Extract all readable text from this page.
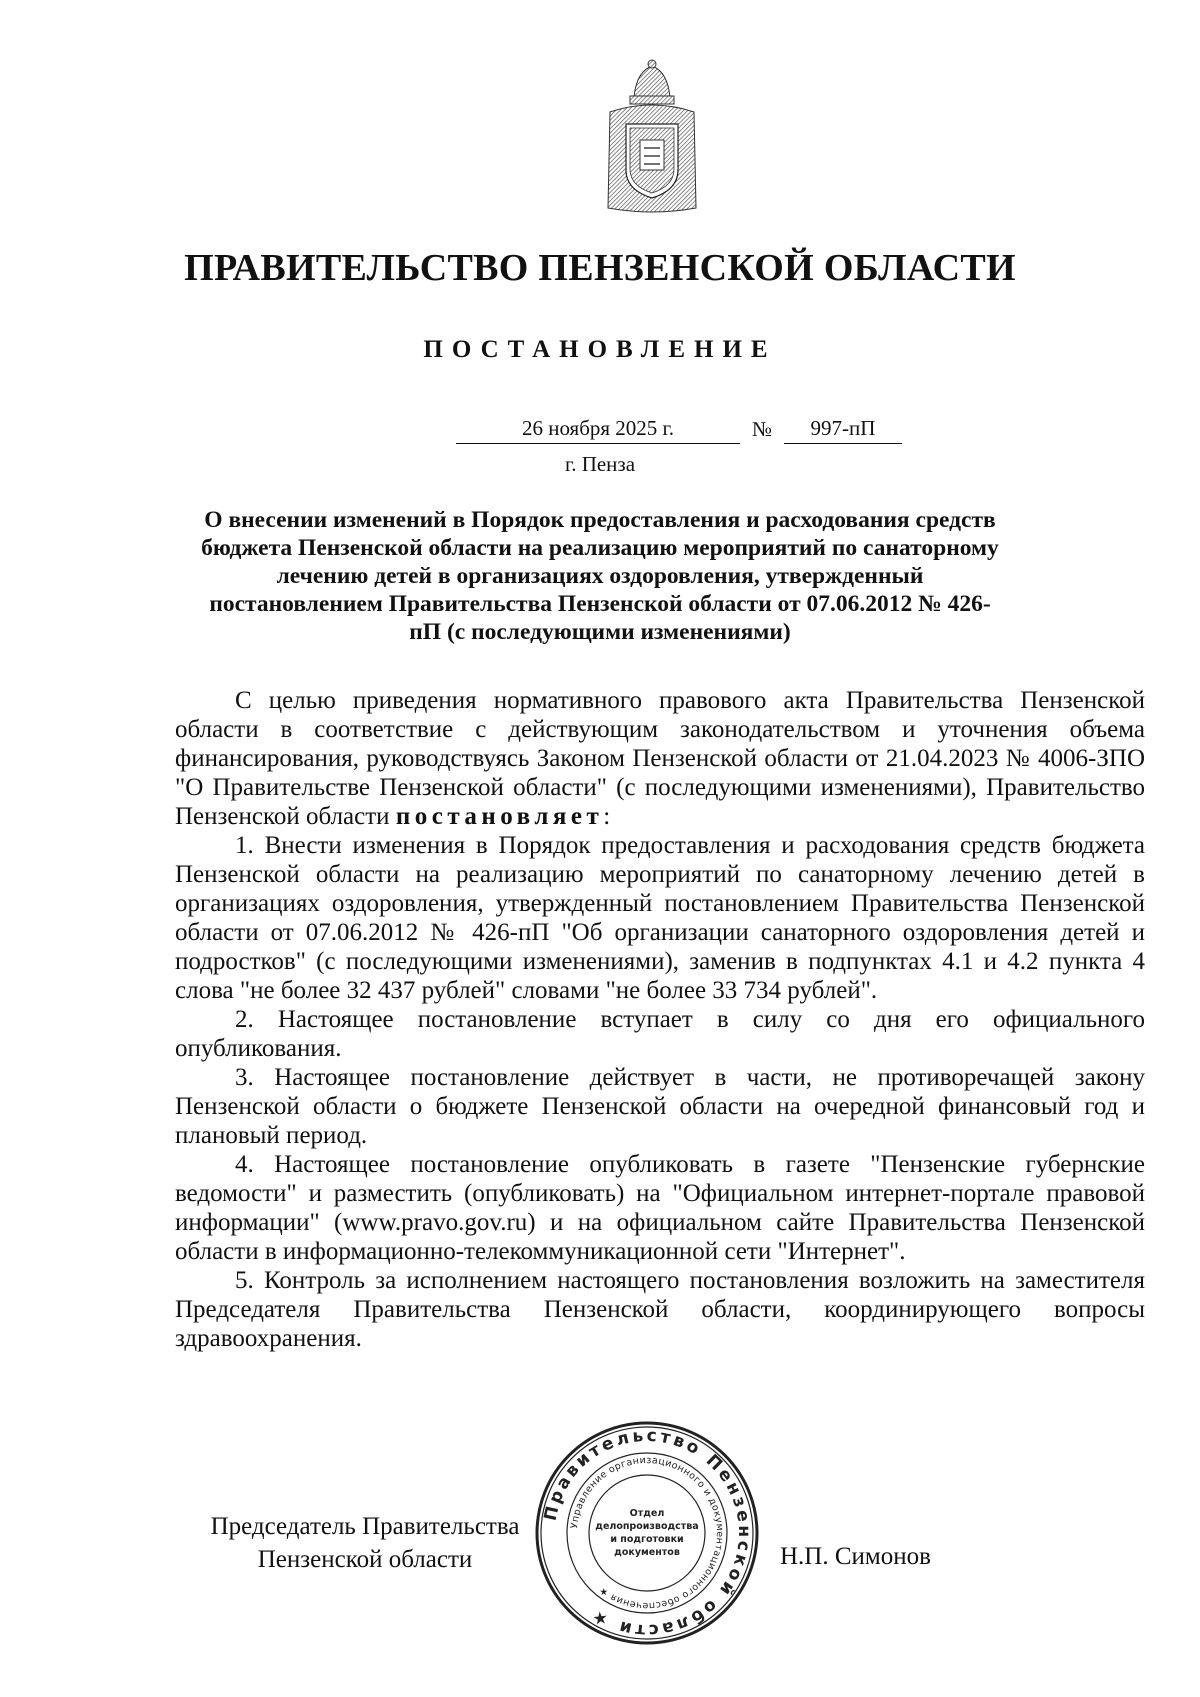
ПРАВИТЕЛЬСТВО ПЕНЗЕНСКОЙ ОБЛАСТИ
ПОСТАНОВЛЕНИЕ
26 ноября 2025 г.	№	997-пП

г. Пенза

О внесении изменений в Порядок предоставления и расходования средств бюджета Пензенской области на реализацию мероприятий по санаторному лечению детей в организациях оздоровления, утвержденный постановлением Правительства Пензенской области от 07.06.2012 № 426-пП (с последующими изменениями)

С целью приведения нормативного правового акта Правительства Пензенской области в соответствие с действующим законодательством и уточнения объема финансирования, руководствуясь Законом Пензенской области от 21.04.2023 № 4006-ЗПО "О Правительстве Пензенской области" (с последующими изменениями), Правительство Пензенской области постановляет:

1. Внести изменения в Порядок предоставления и расходования средств бюджета Пензенской области на реализацию мероприятий по санаторному лечению детей в организациях оздоровления, утвержденный постановлением Правительства Пензенской области от 07.06.2012 № 426-пП "Об организации санаторного оздоровления детей и подростков" (с последующими изменениями), заменив в подпунктах 4.1 и 4.2 пункта 4 слова "не более 32 437 рублей" словами "не более 33 734 рублей".

2. Настоящее постановление вступает в силу со дня его официального опубликования.

3. Настоящее постановление действует в части, не противоречащей закону Пензенской области о бюджете Пензенской области на очередной финансовый год и плановый период.

4. Настоящее постановление опубликовать в газете "Пензенские губернские ведомости" и разместить (опубликовать) на "Официальном интернет-портале правовой информации" (www.pravo.gov.ru) и на официальном сайте Правительства Пензенской области в информационно-телекоммуникационной сети "Интернет".

5. Контроль за исполнением настоящего постановления возложить на заместителя Председателя Правительства Пензенской области, координирующего вопросы здравоохранения.

Председатель Правительства
Пензенской области
Правительство Пензенской области ★
Управление организационного и документационного обеспечения ★
Отдел
делопроизводства
и подготовки
документов	Н.П. Симонов
